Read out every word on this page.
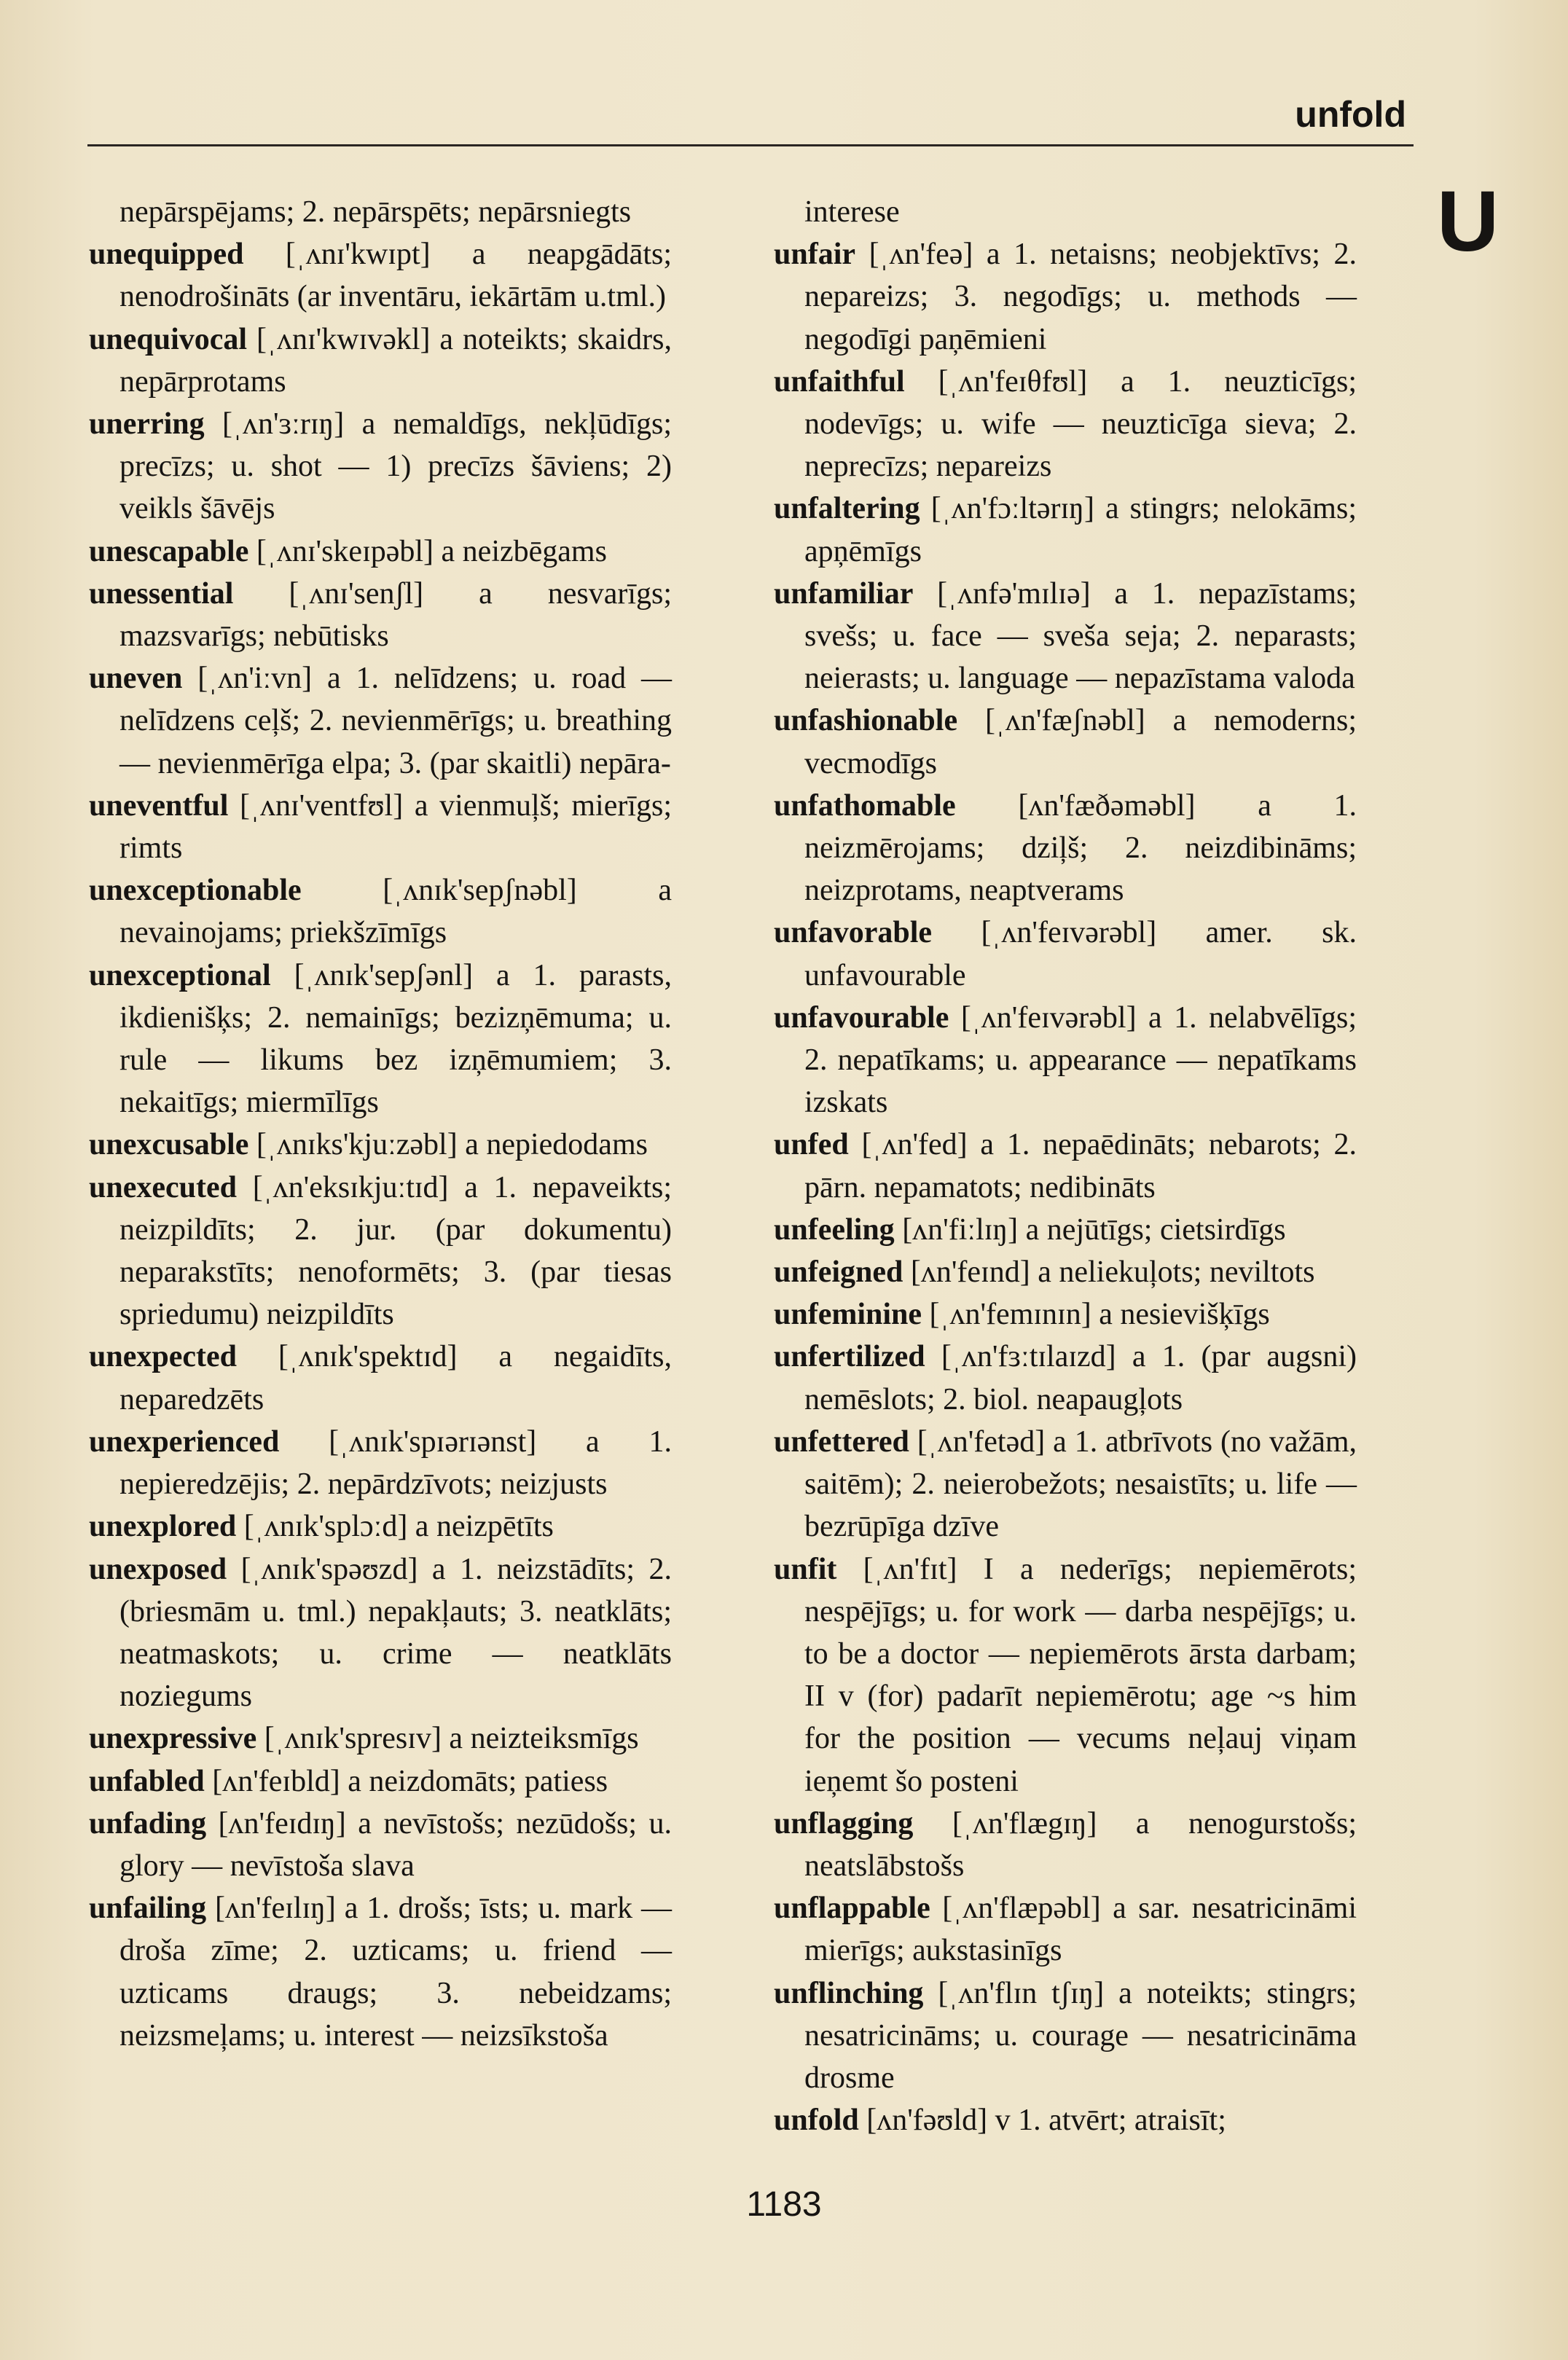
unfold
U

nepārspējams; 2. nepārspēts; nepārsniegts

unequipped [ˌʌnɪ'kwɪpt] a neapgādāts; nenodrošināts (ar inventāru, iekārtām u.tml.)

unequivocal [ˌʌnɪ'kwɪvəkl] a noteikts; skaidrs, nepārprotams

unerring [ˌʌn'ɜːrɪŋ] a nemaldīgs, nekļūdīgs; precīzs; u. shot — 1) precīzs šāviens; 2) veikls šāvējs

unescapable [ˌʌnɪ'skeɪpəbl] a neizbēgams

unessential [ˌʌnɪ'senʃl] a nesvarīgs; mazsvarīgs; nebūtisks

uneven [ˌʌn'iːvn] a 1. nelīdzens; u. road — nelīdzens ceļš; 2. nevienmērīgs; u. breathing — nevienmērīga elpa; 3. (par skaitli) nepāra-

uneventful [ˌʌnɪ'ventfʊl] a vienmuļš; mierīgs; rimts

unexceptionable	[ˌʌnɪk'sepʃnəbl] a nevainojams; priekšzīmīgs

unexceptional [ˌʌnɪk'sepʃənl] a 1. parasts, ikdienišķs; 2. nemainīgs; bezizņēmuma; u. rule — likums bez izņēmumiem; 3. nekaitīgs; miermīlīgs

unexcusable [ˌʌnɪks'kjuːzəbl] a nepiedodams

unexecuted [ˌʌn'eksɪkjuːtɪd] a 1. nepaveikts; neizpildīts; 2. jur. (par dokumentu) neparakstīts; nenoformēts; 3. (par tiesas spriedumu) neizpildīts

unexpected [ˌʌnɪk'spektɪd] a negaidīts, neparedzēts

unexperienced [ˌʌnɪk'spɪərɪənst] a 1. nepieredzējis; 2. nepārdzīvots; neizjusts

unexplored [ˌʌnɪk'splɔːd] a neizpētīts

unexposed [ˌʌnɪk'spəʊzd] a 1. neizstādīts; 2. (briesmām u. tml.) nepakļauts; 3. neatklāts; neatmaskots; u. crime — neatklāts noziegums

unexpressive [ˌʌnɪk'spresɪv] a neizteiksmīgs

unfabled [ʌn'feɪbld] a neizdomāts; patiess

unfading [ʌn'feɪdɪŋ] a nevīstošs; nezūdošs; u. glory — nevīstoša slava

unfailing [ʌn'feɪlɪŋ] a 1. drošs; īsts; u. mark — droša zīme; 2. uzticams; u. friend — uzticams draugs; 3. nebeidzams; neizsmeļams; u. interest — neizsīkstoša

interese

unfair [ˌʌn'feə] a 1. netaisns; neobjektīvs; 2. nepareizs; 3. negodīgs; u. methods — negodīgi paņēmieni

unfaithful [ˌʌn'feɪθfʊl] a 1. neuzticīgs; nodevīgs; u. wife — neuzticīga sieva; 2. neprecīzs; nepareizs

unfaltering [ˌʌn'fɔːltərɪŋ] a stingrs; nelokāms; apņēmīgs

unfamiliar [ˌʌnfə'mɪlɪə] a 1. nepazīstams; svešs; u. face — sveša seja; 2. neparasts; neierasts; u. language — nepazīstama valoda

unfashionable [ˌʌn'fæʃnəbl] a nemoderns; vecmodīgs

unfathomable [ʌn'fæðəməbl] a 1. neizmērojams; dziļš; 2. neizdibināms; neizprotams, neaptverams

unfavorable [ˌʌn'feɪvərəbl] amer. sk. unfavourable

unfavourable [ˌʌn'feɪvərəbl] a 1. nelabvēlīgs; 2. nepatīkams; u. appearance — nepatīkams izskats

unfed [ˌʌn'fed] a 1. nepaēdināts; nebarots; 2. pārn. nepamatots; nedibināts

unfeeling [ʌn'fiːlɪŋ] a nejūtīgs; cietsirdīgs

unfeigned [ʌn'feɪnd] a neliekuļots; neviltots

unfeminine [ˌʌn'femɪnɪn] a nesievišķīgs

unfertilized [ˌʌn'fɜːtɪlaɪzd] a 1. (par augsni) nemēslots; 2. biol. neapaugļots

unfettered [ˌʌn'fetəd] a 1. atbrīvots (no važām, saitēm); 2. neierobežots; nesaistīts; u. life — bezrūpīga dzīve

unfit [ˌʌn'fɪt] I a nederīgs; nepiemērots; nespējīgs; u. for work — darba nespējīgs; u. to be a doctor — nepiemērots ārsta darbam; II v (for) padarīt nepiemērotu; age ~s him for the position — vecums neļauj viņam ieņemt šo posteni

unflagging [ˌʌn'flægɪŋ] a nenogurstošs; neatslābstošs

unflappable [ˌʌn'flæpəbl] a sar. nesatricināmi mierīgs; aukstasinīgs

unflinching [ˌʌn'flɪn tʃɪŋ] a noteikts; stingrs; nesatricināms; u. courage — nesatricināma drosme

unfold [ʌn'fəʊld] v 1. atvērt; atraisīt;

1183
